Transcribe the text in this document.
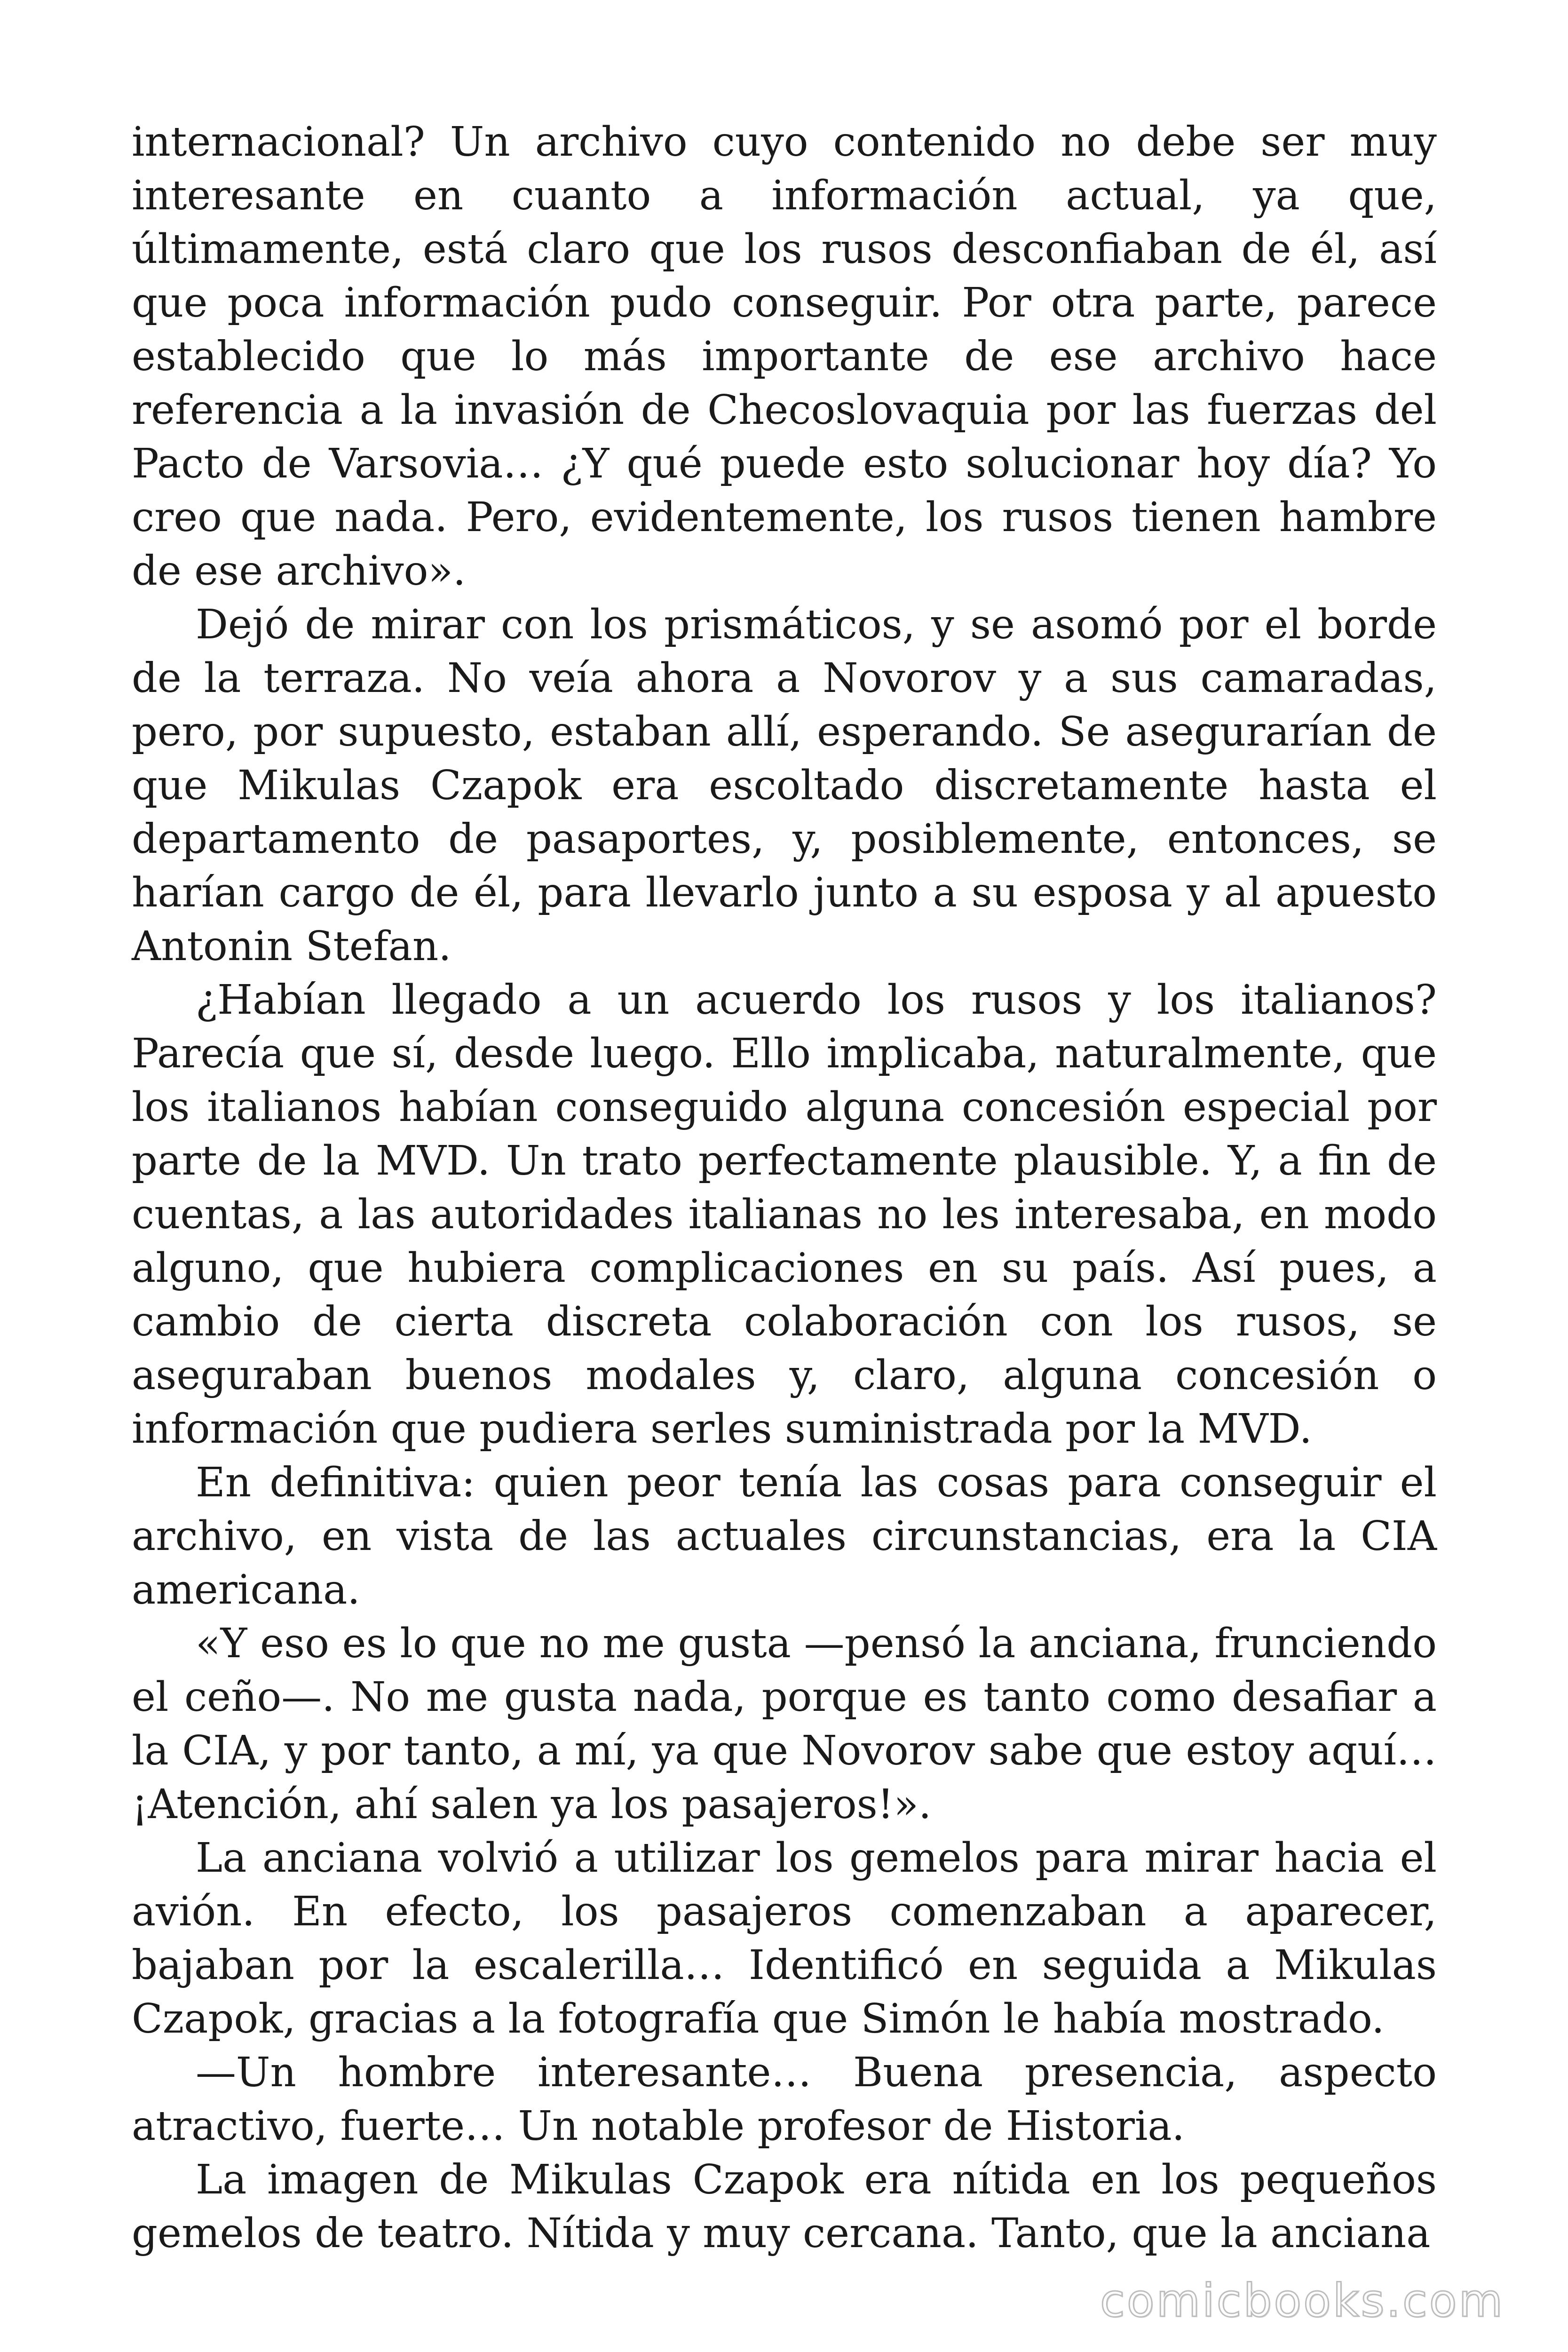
internacional? Un archivo cuyo contenido no debe ser muy interesante en cuanto a información actual, ya que, últimamente, está claro que los rusos desconfiaban de él, así que poca información pudo conseguir. Por otra parte, parece establecido que lo más importante de ese archivo hace referencia a la invasión de Checoslovaquia por las fuerzas del Pacto de Varsovia… ¿Y qué puede esto solucionar hoy día? Yo creo que nada. Pero, evidentemente, los rusos tienen hambre de ese archivo».

Dejó de mirar con los prismáticos, y se asomó por el borde de la terraza. No veía ahora a Novorov y a sus camaradas, pero, por supuesto, estaban allí, esperando. Se asegurarían de que Mikulas Czapok era escoltado discretamente hasta el departamento de pasaportes, y, posiblemente, entonces, se harían cargo de él, para llevarlo junto a su esposa y al apuesto Antonin Stefan.

¿Habían llegado a un acuerdo los rusos y los italianos? Parecía que sí, desde luego. Ello implicaba, naturalmente, que los italianos habían conseguido alguna concesión especial por parte de la MVD. Un trato perfectamente plausible. Y, a fin de cuentas, a las autoridades italianas no les interesaba, en modo alguno, que hubiera complicaciones en su país. Así pues, a cambio de cierta discreta colaboración con los rusos, se aseguraban buenos modales y, claro, alguna concesión o información que pudiera serles suministrada por la MVD.

En definitiva: quien peor tenía las cosas para conseguir el archivo, en vista de las actuales circunstancias, era la CIA americana.

«Y eso es lo que no me gusta —pensó la anciana, frunciendo el ceño—. No me gusta nada, porque es tanto como desafiar a la CIA, y por tanto, a mí, ya que Novorov sabe que estoy aquí… ¡Atención, ahí salen ya los pasajeros!».

La anciana volvió a utilizar los gemelos para mirar hacia el avión. En efecto, los pasajeros comenzaban a aparecer, bajaban por la escalerilla… Identificó en seguida a Mikulas Czapok, gracias a la fotografía que Simón le había mostrado.

—Un hombre interesante… Buena presencia, aspecto atractivo, fuerte… Un notable profesor de Historia.

La imagen de Mikulas Czapok era nítida en los pequeños gemelos de teatro. Nítida y muy cercana. Tanto, que la anciana

comicbooks.com
